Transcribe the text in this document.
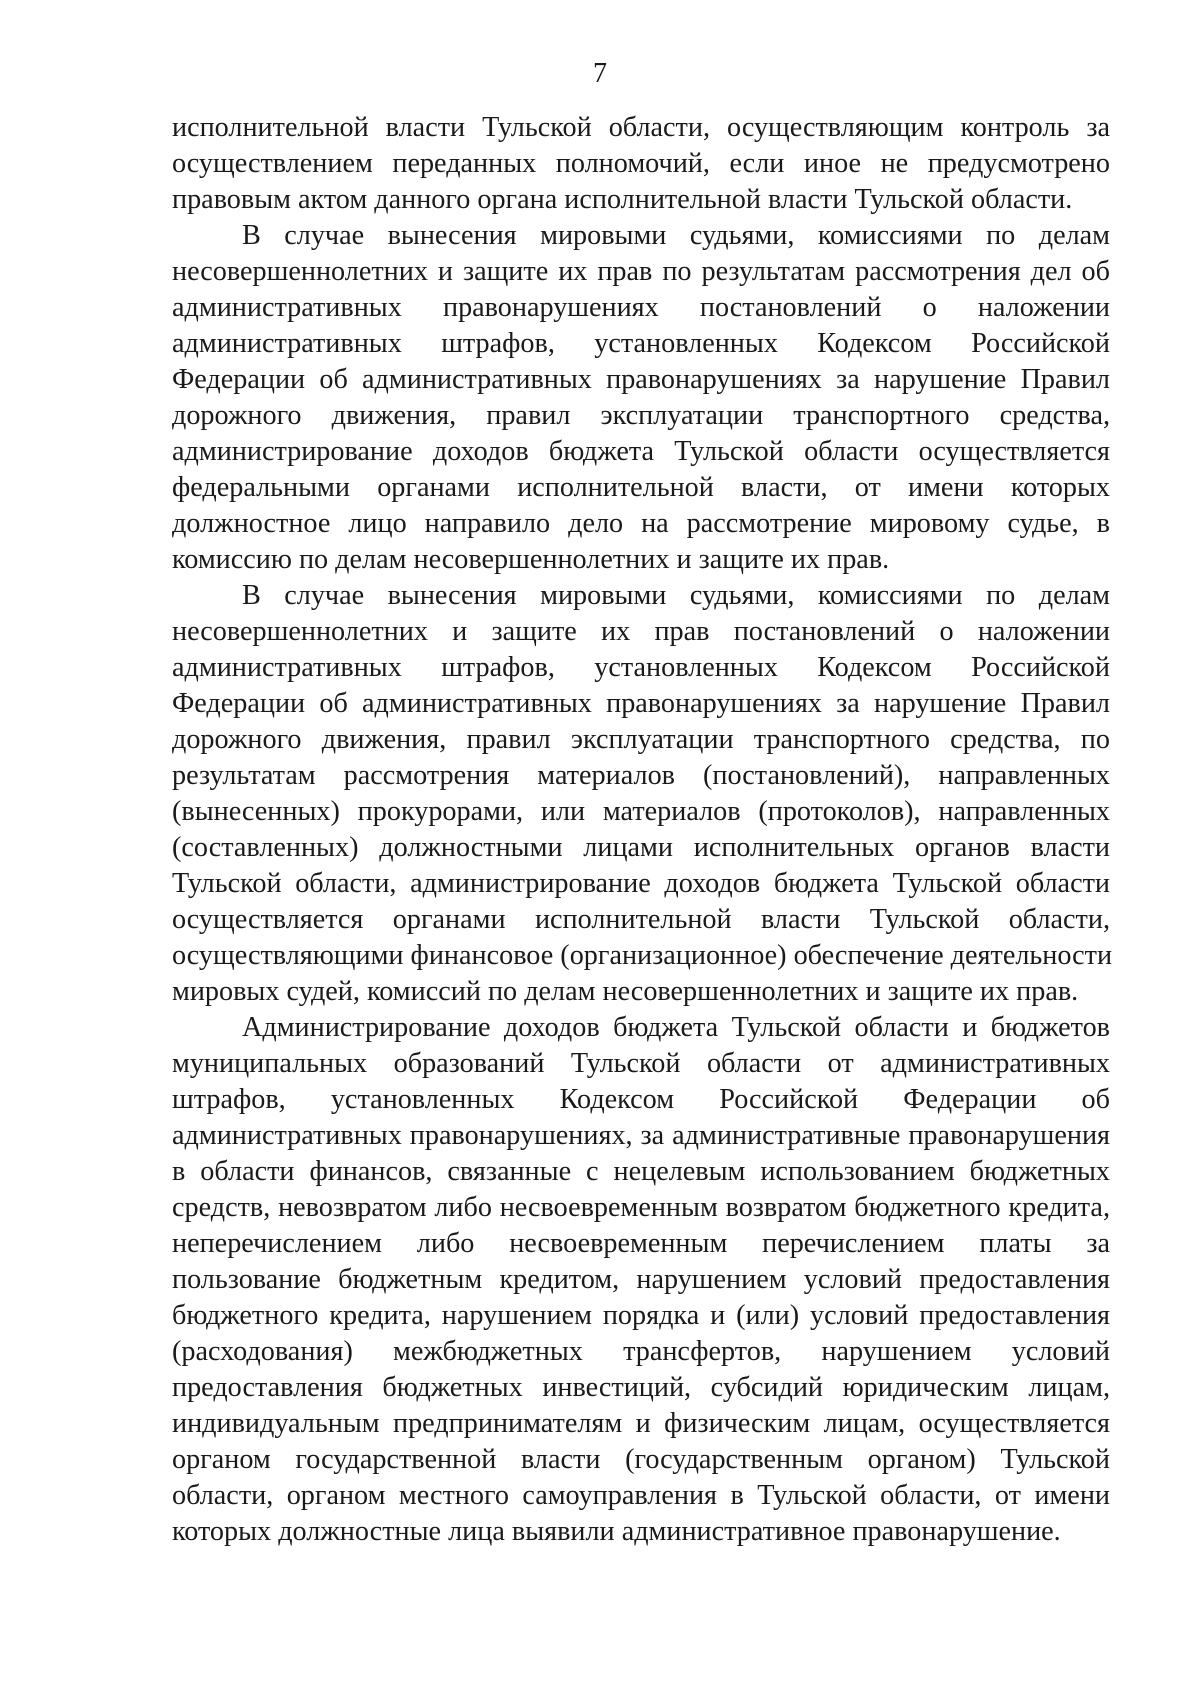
7
исполнительной власти Тульской области, осуществляющим контроль за
осуществлением переданных полномочий, если иное не предусмотрено
правовым актом данного органа исполнительной власти Тульской области.
В случае вынесения мировыми судьями, комиссиями по делам
несовершеннолетних и защите их прав по результатам рассмотрения дел об
административных правонарушениях постановлений о наложении
административных штрафов, установленных Кодексом Российской
Федерации об административных правонарушениях за нарушение Правил
дорожного движения, правил эксплуатации транспортного средства,
администрирование доходов бюджета Тульской области осуществляется
федеральными органами исполнительной власти, от имени которых
должностное лицо направило дело на рассмотрение мировому судье, в
комиссию по делам несовершеннолетних и защите их прав.
В случае вынесения мировыми судьями, комиссиями по делам
несовершеннолетних и защите их прав постановлений о наложении
административных штрафов, установленных Кодексом Российской
Федерации об административных правонарушениях за нарушение Правил
дорожного движения, правил эксплуатации транспортного средства, по
результатам рассмотрения материалов (постановлений), направленных
(вынесенных) прокурорами, или материалов (протоколов), направленных
(составленных) должностными лицами исполнительных органов власти
Тульской области, администрирование доходов бюджета Тульской области
осуществляется органами исполнительной власти Тульской области,
осуществляющими финансовое (организационное) обеспечение деятельности
мировых судей, комиссий по делам несовершеннолетних и защите их прав.
Администрирование доходов бюджета Тульской области и бюджетов
муниципальных образований Тульской области от административных
штрафов, установленных Кодексом Российской Федерации об
административных правонарушениях, за административные правонарушения
в области финансов, связанные с нецелевым использованием бюджетных
средств, невозвратом либо несвоевременным возвратом бюджетного кредита,
неперечислением либо несвоевременным перечислением платы за
пользование бюджетным кредитом, нарушением условий предоставления
бюджетного кредита, нарушением порядка и (или) условий предоставления
(расходования) межбюджетных трансфертов, нарушением условий
предоставления бюджетных инвестиций, субсидий юридическим лицам,
индивидуальным предпринимателям и физическим лицам, осуществляется
органом государственной власти (государственным органом) Тульской
области, органом местного самоуправления в Тульской области, от имени
которых должностные лица выявили административное правонарушение.
